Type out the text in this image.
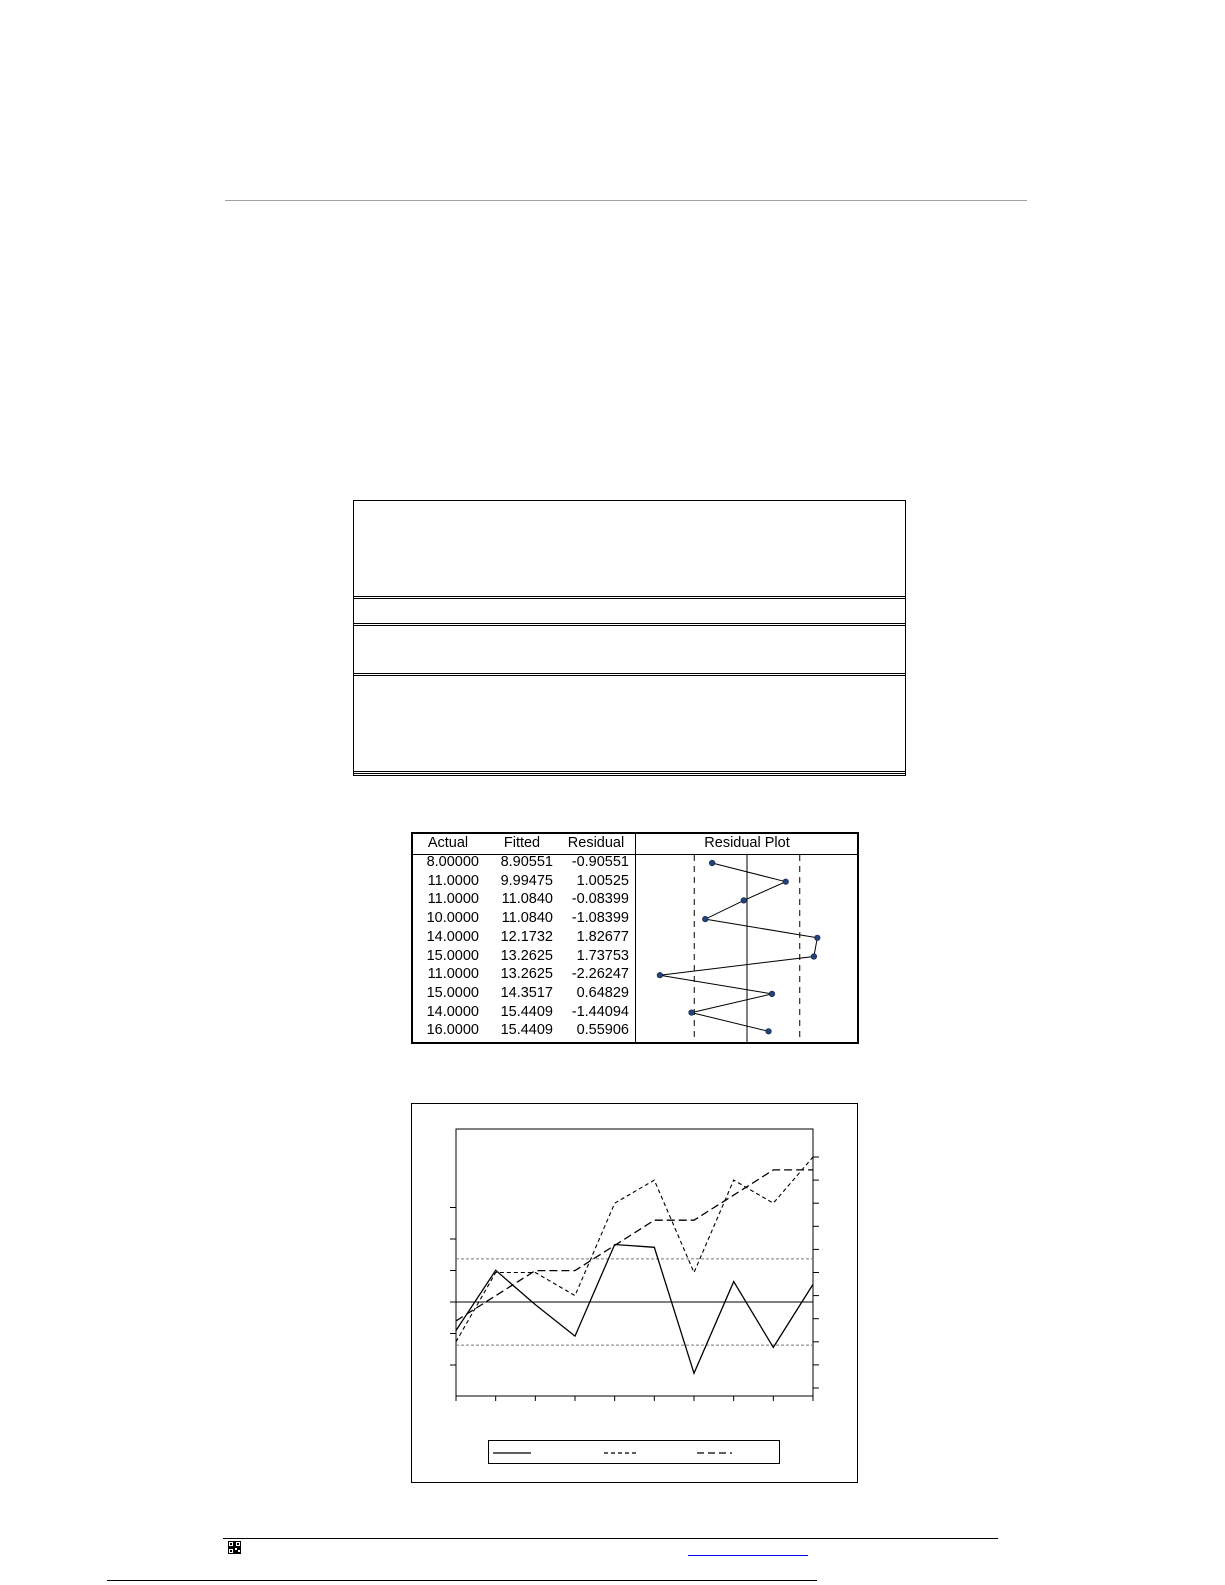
Actual	Fitted	Residual	Residual Plot
8.00000	8.90551	-0.90551
11.0000	9.99475	1.00525
11.0000	11.0840	-0.08399
10.0000	11.0840	-1.08399
14.0000	12.1732	1.82677
15.0000	13.2625	1.73753
11.0000	13.2625	-2.26247
15.0000	14.3517	0.64829
14.0000	15.4409	-1.44094
16.0000	15.4409	0.55906
